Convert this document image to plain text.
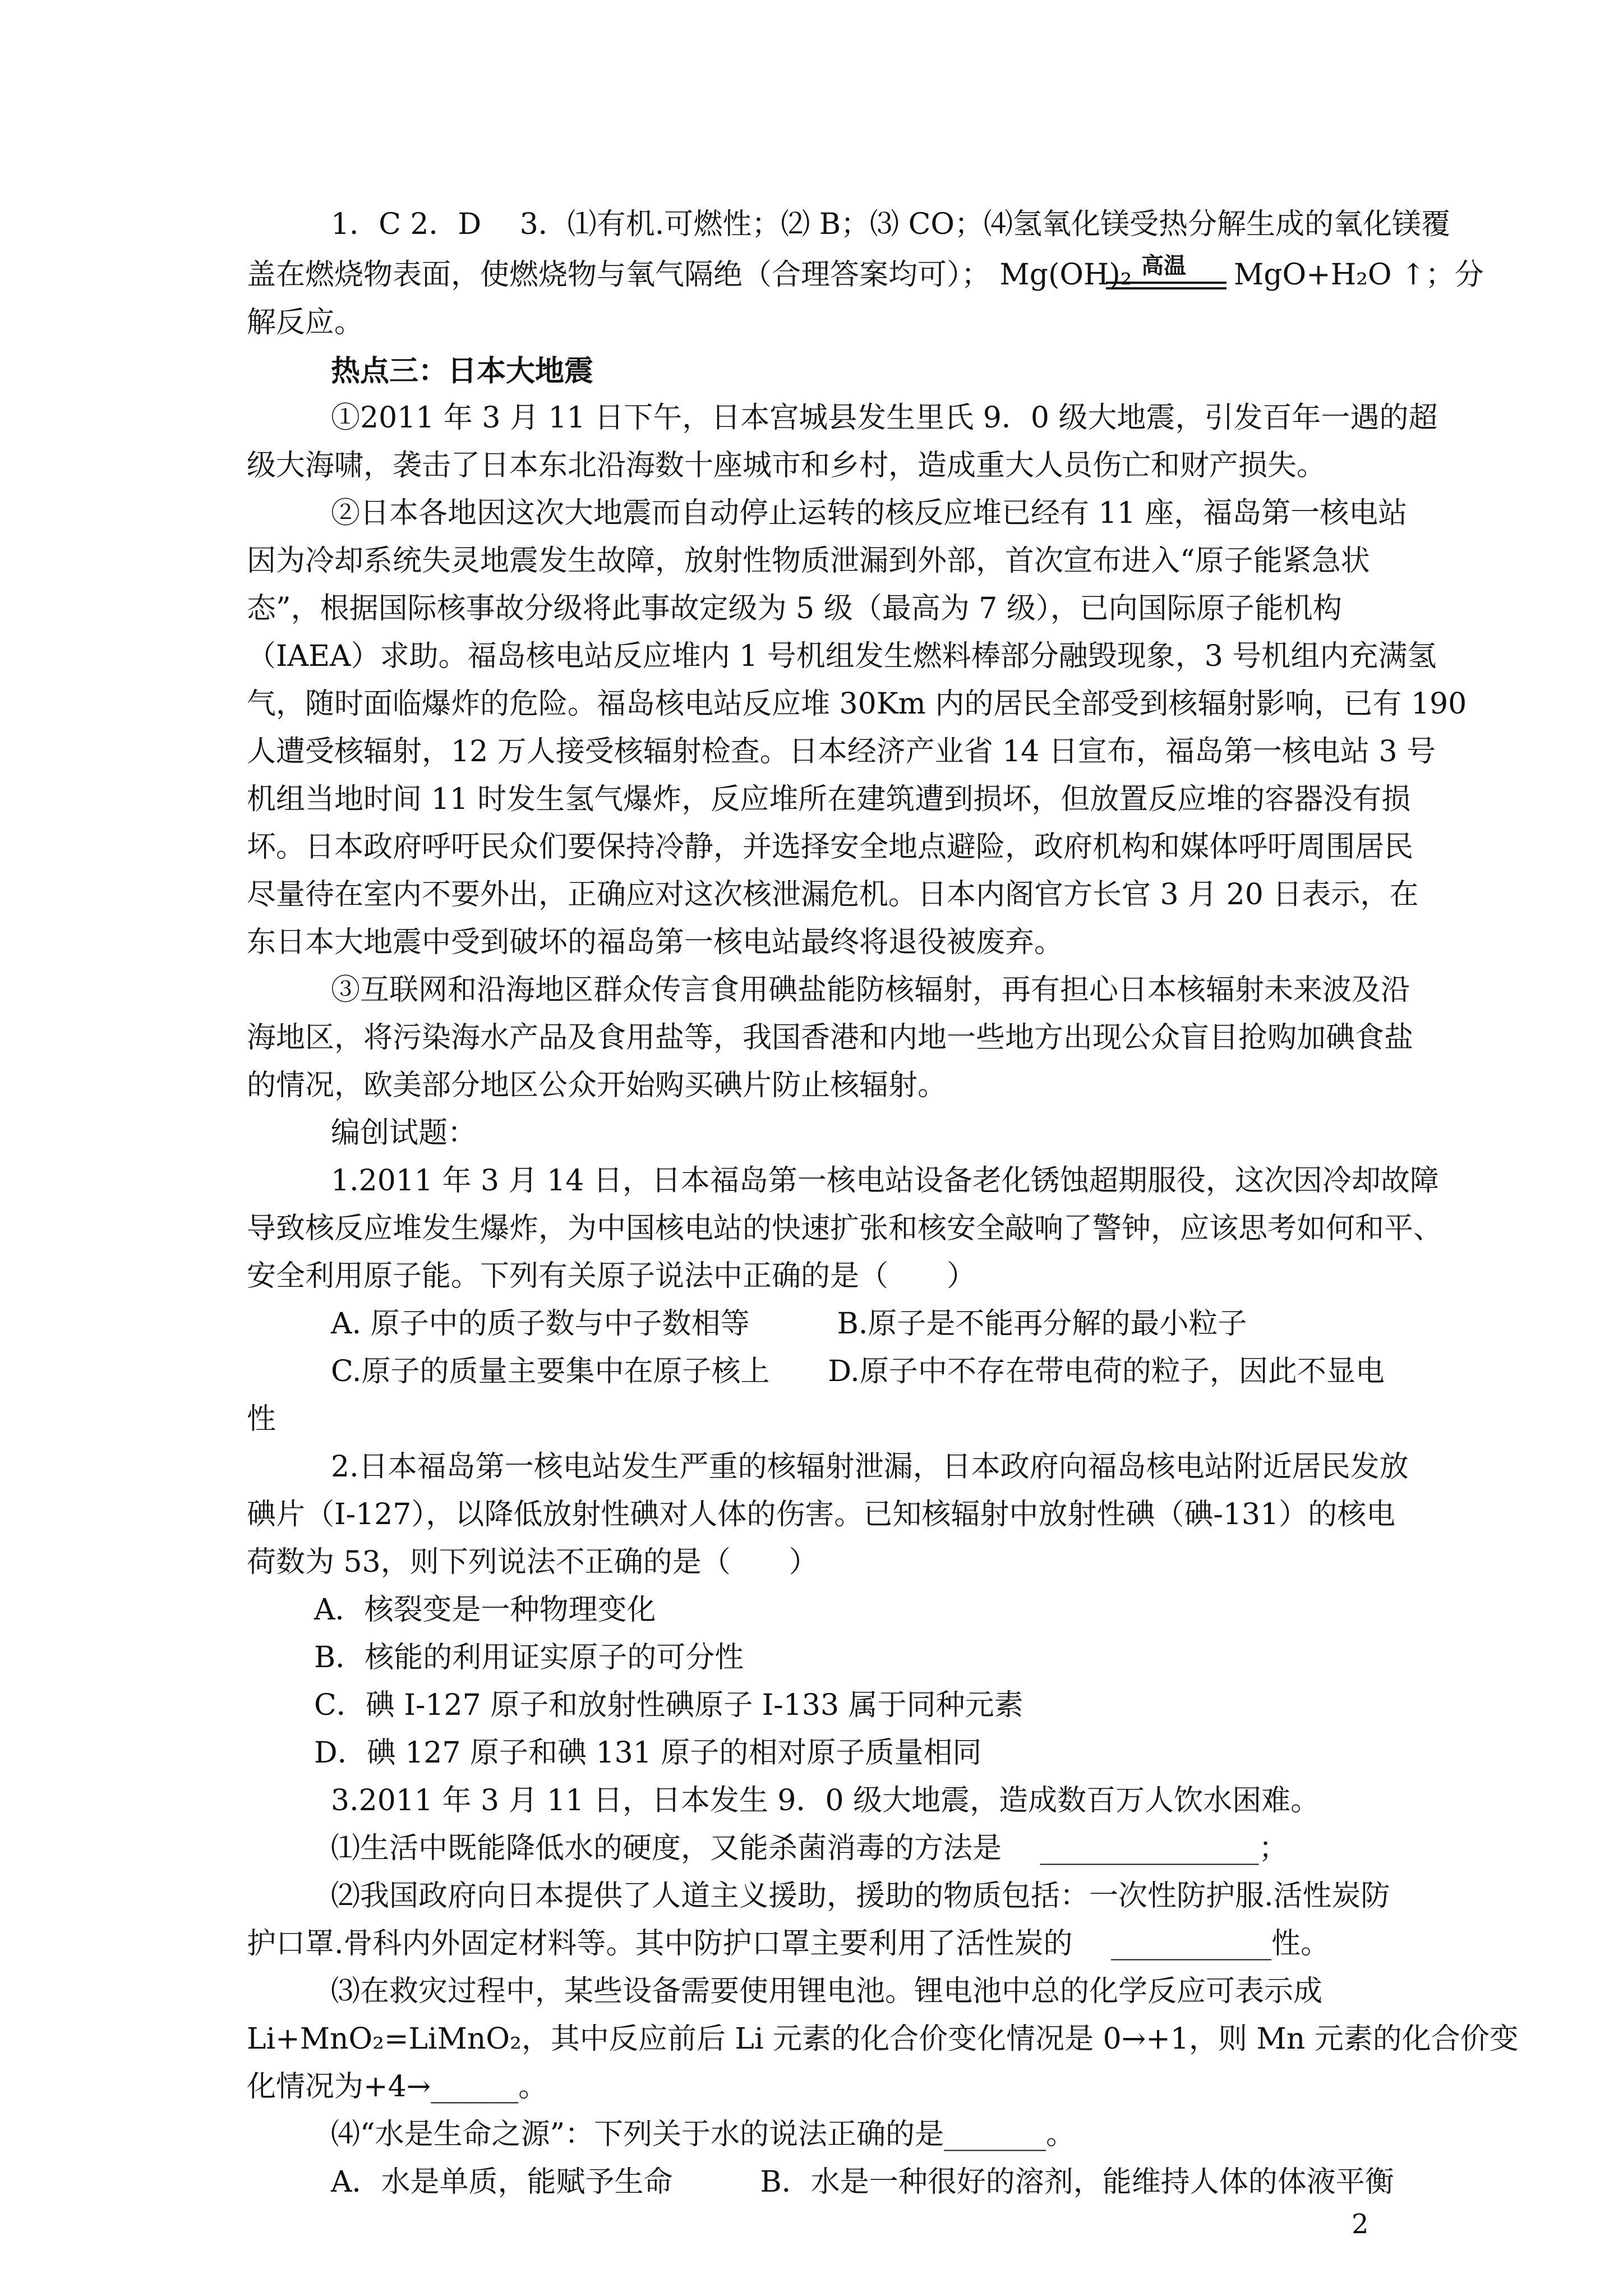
1．C 2．D　 3．⑴有机.可燃性；⑵ B；⑶ CO；⑷氢氧化镁受热分解生成的氧化镁覆
盖在燃烧物表面，使燃烧物与氧气隔绝（合理答案均可）； Mg(OH)₂ 高温 MgO+H₂O ↑；分
解反应。
热点三：日本大地震
①2011 年 3 月 11 日下午，日本宫城县发生里氏 9．0 级大地震，引发百年一遇的超
级大海啸，袭击了日本东北沿海数十座城市和乡村，造成重大人员伤亡和财产损失。
②日本各地因这次大地震而自动停止运转的核反应堆已经有 11 座，福岛第一核电站
因为冷却系统失灵地震发生故障，放射性物质泄漏到外部，首次宣布进入“原子能紧急状
态”，根据国际核事故分级将此事故定级为 5 级（最高为 7 级），已向国际原子能机构
（IAEA）求助。福岛核电站反应堆内 1 号机组发生燃料棒部分融毁现象，3 号机组内充满氢
气，随时面临爆炸的危险。福岛核电站反应堆 30Km 内的居民全部受到核辐射影响，已有 190
人遭受核辐射，12 万人接受核辐射检查。日本经济产业省 14 日宣布，福岛第一核电站 3 号
机组当地时间 11 时发生氢气爆炸，反应堆所在建筑遭到损坏，但放置反应堆的容器没有损
坏。日本政府呼吁民众们要保持冷静，并选择安全地点避险，政府机构和媒体呼吁周围居民
尽量待在室内不要外出，正确应对这次核泄漏危机。日本内阁官方长官 3 月 20 日表示，在
东日本大地震中受到破坏的福岛第一核电站最终将退役被废弃。
③互联网和沿海地区群众传言食用碘盐能防核辐射，再有担心日本核辐射未来波及沿
海地区，将污染海水产品及食用盐等，我国香港和内地一些地方出现公众盲目抢购加碘食盐
的情况，欧美部分地区公众开始购买碘片防止核辐射。
编创试题：
1.2011 年 3 月 14 日，日本福岛第一核电站设备老化锈蚀超期服役，这次因冷却故障
导致核反应堆发生爆炸，为中国核电站的快速扩张和核安全敲响了警钟，应该思考如何和平、
安全利用原子能。下列有关原子说法中正确的是（　　）
A. 原子中的质子数与中子数相等　　　B.原子是不能再分解的最小粒子
C.原子的质量主要集中在原子核上　　D.原子中不存在带电荷的粒子，因此不显电
性
2.日本福岛第一核电站发生严重的核辐射泄漏，日本政府向福岛核电站附近居民发放
碘片（I-127），以降低放射性碘对人体的伤害。已知核辐射中放射性碘（碘-131）的核电
荷数为 53，则下列说法不正确的是（　　）
A．核裂变是一种物理变化
B．核能的利用证实原子的可分性
C．碘 I-127 原子和放射性碘原子 I-133 属于同种元素
D．碘 127 原子和碘 131 原子的相对原子质量相同
3.2011 年 3 月 11 日，日本发生 9．0 级大地震，造成数百万人饮水困难。
⑴生活中既能降低水的硬度，又能杀菌消毒的方法是 　_______________；
⑵我国政府向日本提供了人道主义援助，援助的物质包括：一次性防护服.活性炭防
护口罩.骨科内外固定材料等。其中防护口罩主要利用了活性炭的 　___________性。
⑶在救灾过程中，某些设备需要使用锂电池。锂电池中总的化学反应可表示成
Li+MnO₂=LiMnO₂，其中反应前后 Li 元素的化合价变化情况是 0→+1，则 Mn 元素的化合价变
化情况为+4→______。
⑷“水是生命之源”：下列关于水的说法正确的是_______。
A．水是单质，能赋予生命　　　B．水是一种很好的溶剂，能维持人体的体液平衡
2
